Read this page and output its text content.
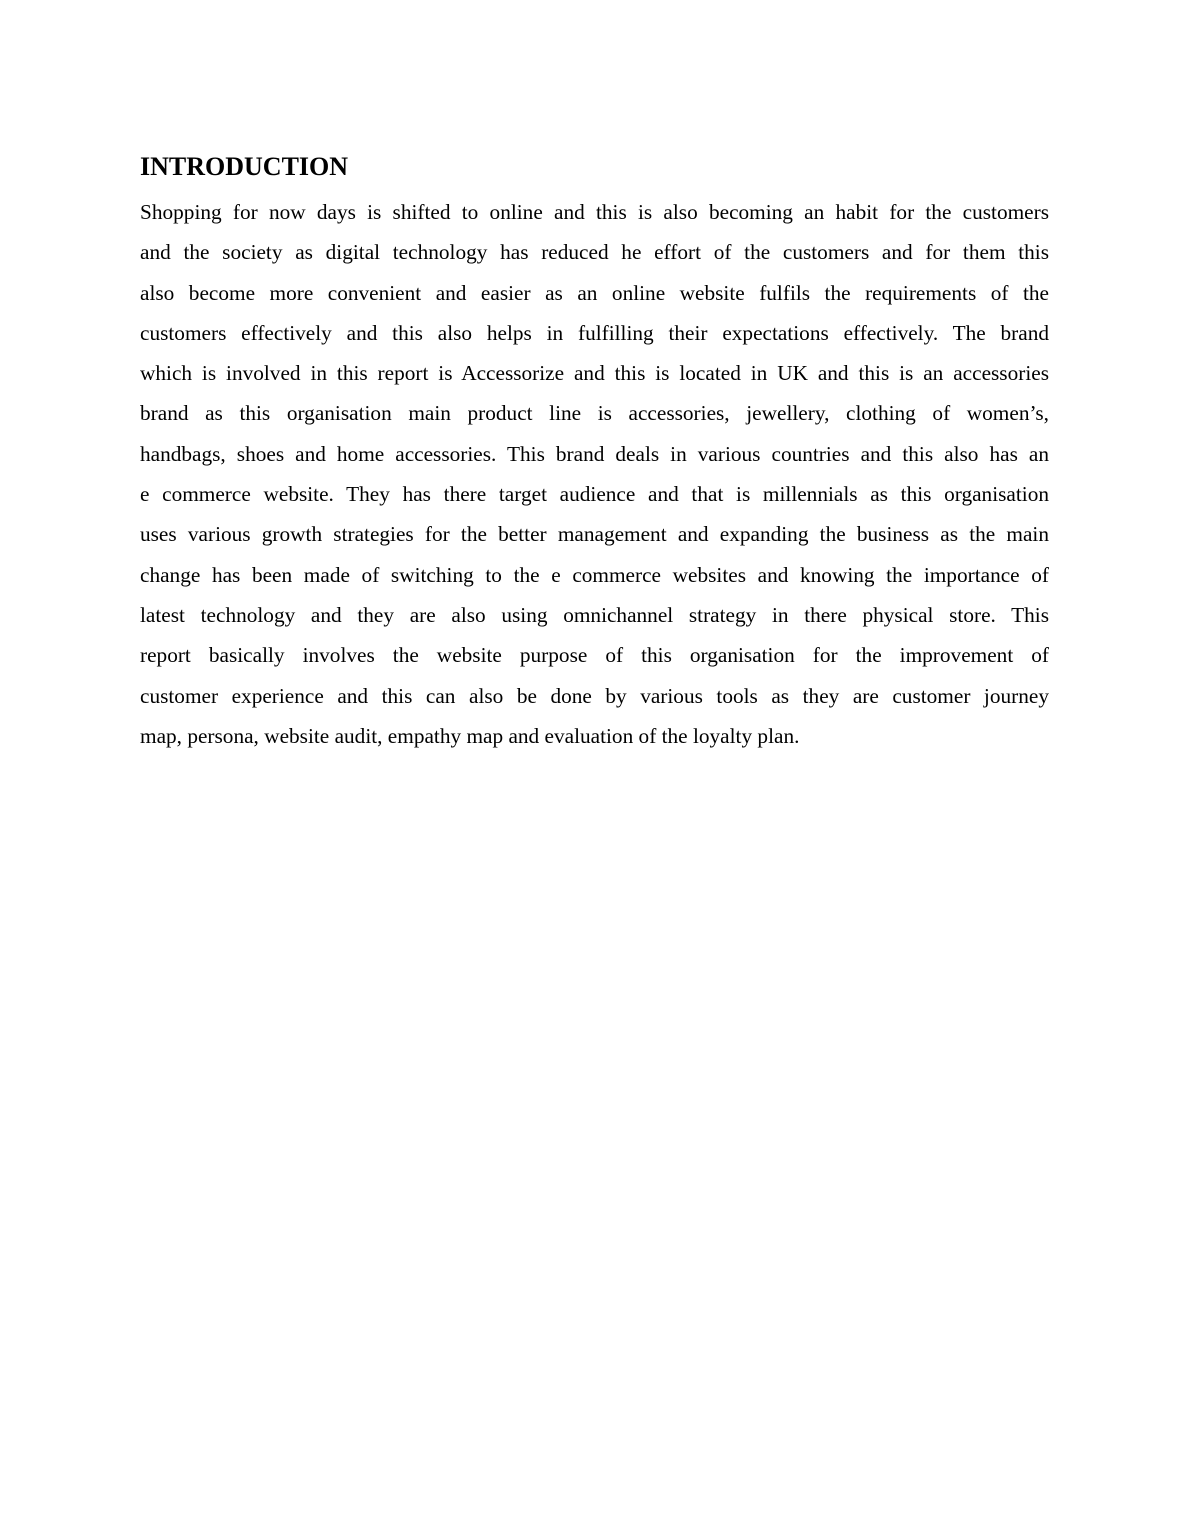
INTRODUCTION
Shopping for now days is shifted to online and this is also becoming an habit for the customers
and the society as digital technology has reduced he effort of the customers and for them this
also become more convenient and easier as an online website fulfils the requirements of the
customers effectively and this also helps in fulfilling their expectations effectively. The brand
which is involved in this report is Accessorize and this is located in UK and this is an accessories
brand as this organisation main product line is accessories, jewellery, clothing of women’s,
handbags, shoes and home accessories. This brand deals in various countries and this also has an
e commerce website. They has there target audience and that is millennials as this organisation
uses various growth strategies for the better management and expanding the business as the main
change has been made of switching to the e commerce websites and knowing the importance of
latest technology and they are also using omnichannel strategy in there physical store. This
report basically involves the website purpose of this organisation for the improvement of
customer experience and this can also be done by various tools as they are customer journey
map, persona, website audit, empathy map and evaluation of the loyalty plan.
